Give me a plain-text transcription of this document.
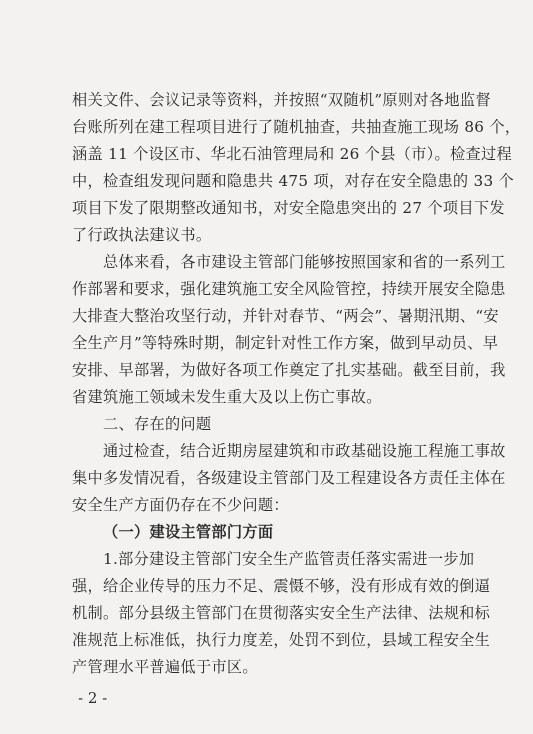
相关文件、会议记录等资料，并按照“双随机”原则对各地监督
台账所列在建工程项目进行了随机抽查，共抽查施工现场 86 个，
涵盖 11 个设区市、华北石油管理局和 26 个县（市）。检查过程
中，检查组发现问题和隐患共 475 项，对存在安全隐患的 33 个
项目下发了限期整改通知书，对安全隐患突出的 27 个项目下发
了行政执法建议书。
总体来看，各市建设主管部门能够按照国家和省的一系列工
作部署和要求，强化建筑施工安全风险管控，持续开展安全隐患
大排查大整治攻坚行动，并针对春节、“两会”、暑期汛期、“安
全生产月”等特殊时期，制定针对性工作方案，做到早动员、早
安排、早部署，为做好各项工作奠定了扎实基础。截至目前，我
省建筑施工领域未发生重大及以上伤亡事故。
二、存在的问题
通过检查，结合近期房屋建筑和市政基础设施工程施工事故
集中多发情况看，各级建设主管部门及工程建设各方责任主体在
安全生产方面仍存在不少问题：
（一）建设主管部门方面
1.部分建设主管部门安全生产监管责任落实需进一步加
强，给企业传导的压力不足、震慑不够，没有形成有效的倒逼
机制。部分县级主管部门在贯彻落实安全生产法律、法规和标
准规范上标准低，执行力度差，处罚不到位，县域工程安全生
产管理水平普遍低于市区。
- 2 -
